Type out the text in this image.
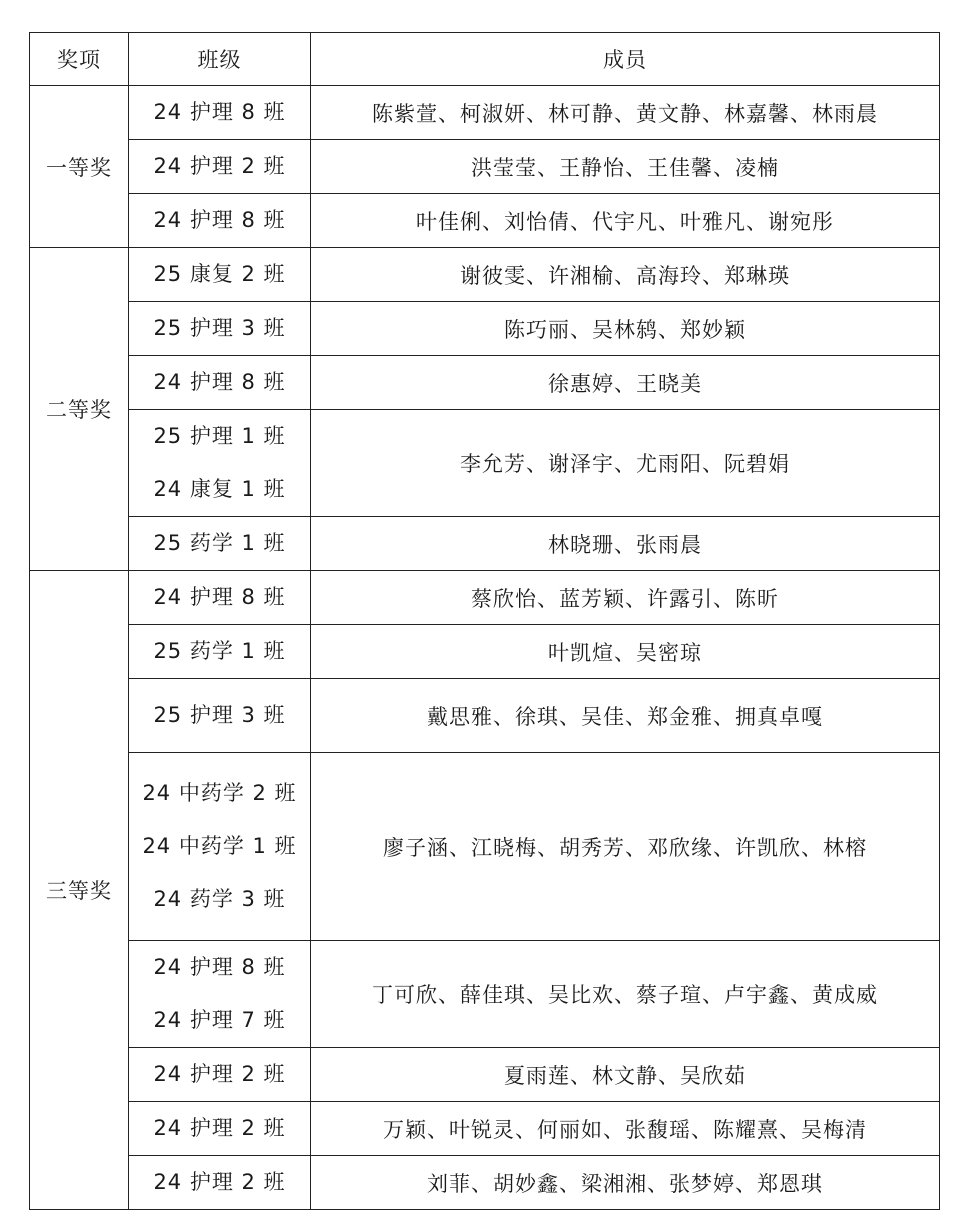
奖项	班级	成员
一等奖	24 护理 8 班	陈紫萱、柯淑妍、林可静、黄文静、林嘉馨、林雨晨

	24 护理 2 班	洪莹莹、王静怡、王佳馨、凌楠

	24 护理 8 班	叶佳俐、刘怡倩、代宇凡、叶雅凡、谢宛彤
二等奖	25 康复 2 班	谢彼雯、许湘榆、高海玲、郑琳瑛

	25 护理 3 班	陈巧丽、吴林鸫、郑妙颖

	24 护理 8 班	徐惠婷、王晓美

	25 护理 1 班
24 康复 1 班	李允芳、谢泽宇、尤雨阳、阮碧娟

	25 药学 1 班	林晓珊、张雨晨
三等奖	24 护理 8 班	蔡欣怡、蓝芳颖、许露引、陈昕

	25 药学 1 班	叶凯煊、吴密琼

	25 护理 3 班	戴思雅、徐琪、吴佳、郑金雅、拥真卓嘎

	24 中药学 2 班
24 中药学 1 班
24 药学 3 班	廖子涵、江晓梅、胡秀芳、邓欣缘、许凯欣、林榕

	24 护理 8 班
24 护理 7 班	丁可欣、薛佳琪、吴比欢、蔡子瑄、卢宇鑫、黄成威

	24 护理 2 班	夏雨莲、林文静、吴欣茹

	24 护理 2 班	万颖、叶锐灵、何丽如、张馥瑶、陈耀熹、吴梅清

	24 护理 2 班	刘菲、胡妙鑫、梁湘湘、张梦婷、郑恩琪
